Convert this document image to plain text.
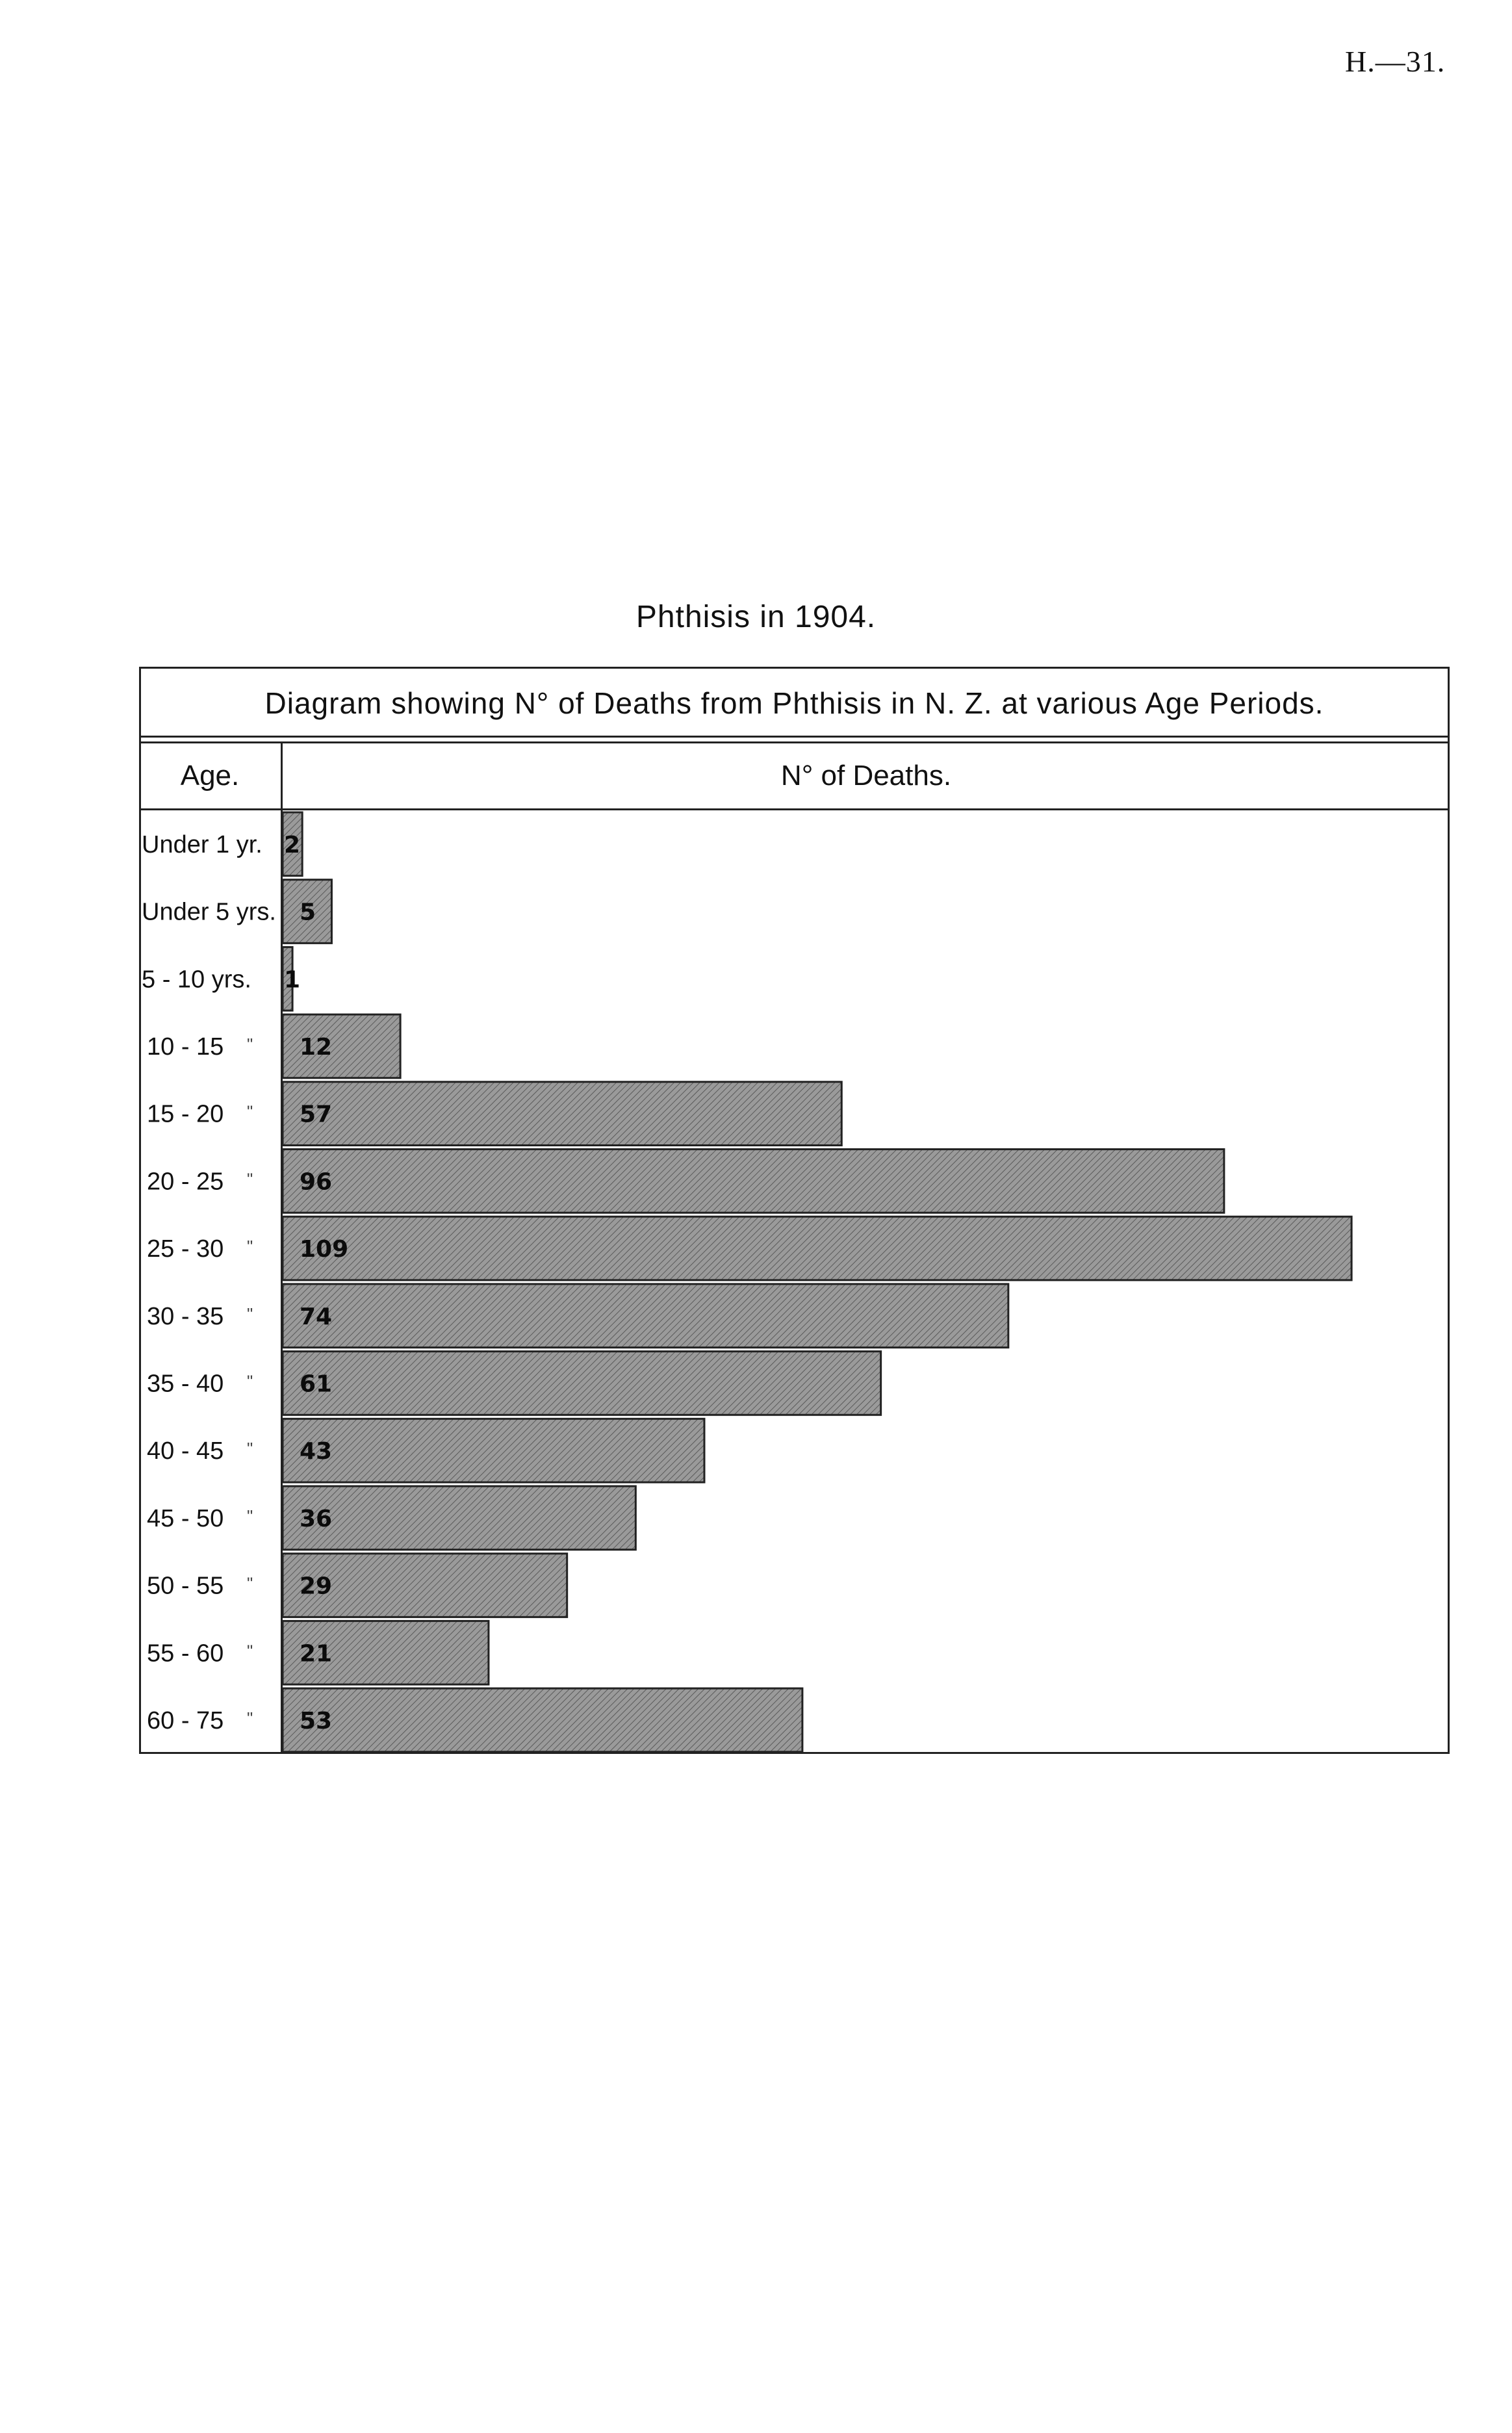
H.—31.
Phthisis in 1904.
Diagram showing N° of Deaths from Phthisis in N. Z. at various Age Periods.
Age.	N° of Deaths.
2
5
1
12
57
96
109
74
61
43
36
29
21
53
Under 1 yr.
Under 5 yrs.
5 - 10 yrs.
10 - 15 "
15 - 20 "
20 - 25 "
25 - 30 "
30 - 35 "
35 - 40 "
40 - 45 "
45 - 50 "
50 - 55 "
55 - 60 "
60 - 75 "
